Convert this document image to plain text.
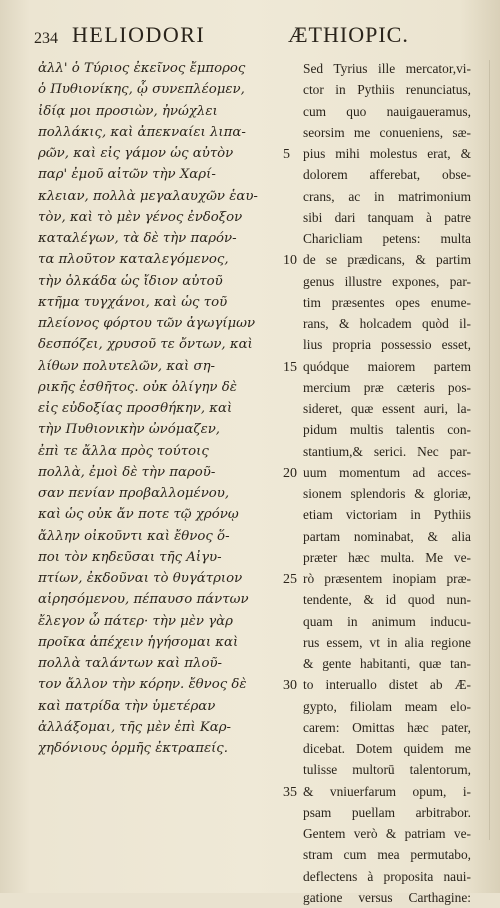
234 HELIODORI	ÆTHIOPIC.
ἀλλ' ὁ Τύριος ἐκεῖνος ἔμπορος
ὁ Πυθιονίκης, ᾧ συνεπλέομεν,
ἰδίᾳ μοι προσιὼν, ἠνώχλει
πολλάκις, καὶ ἀπεκναίει λιπα-
ρῶν, καὶ εἰς γάμον ὡς αὐτὸν
παρ' ἐμοῦ αἰτῶν τὴν Χαρί-
κλειαν, πολλὰ μεγαλαυχῶν ἑαυ-
τὸν, καὶ τὸ μὲν γένος ἐνδοξον
καταλέγων, τὰ δὲ τὴν παρόν-
τα πλοῦτον καταλεγόμενος,
τὴν ὁλκάδα ὡς ἴδιον αὐτοῦ
κτῆμα τυγχάνοι, καὶ ὡς τοῦ
πλείονος φόρτου τῶν ἀγωγίμων
δεσπόζει, χρυσοῦ τε ὄντων, καὶ
λίθων πολυτελῶν, καὶ ση-
ρικῆς ἐσθῆτος. οὐκ ὀλίγην δὲ
εἰς εὐδοξίας προσθήκην, καὶ
τὴν Πυθιονικὴν ὠνόμαζεν,
ἐπὶ τε ἄλλα πρὸς τούτοις
πολλὰ, ἐμοὶ δὲ τὴν παροῦ-
σαν πενίαν προβαλλομένου,
καὶ ὡς οὐκ ἄν ποτε τῷ χρόνῳ
ἄλλην οἰκοῦντι καὶ ἔθνος ὅ-
ποι τὸν κηδεῦσαι τῆς Αἰγυ-
πτίων, ἐκδοῦναι τὸ θυγάτριον
αἱρησόμενου, πέπαυσο πάντων
ἔλεγον ὦ πάτερ· τὴν μὲν γὰρ
προῖκα ἀπέχειν ἡγήσομαι καὶ
πολλὰ ταλάντων καὶ πλοῦ-
τον ἄλλον τὴν κόρην. ἔθνος δὲ
καὶ πατρίδα τὴν ὑμετέραν
ἀλλάξομαι, τῆς μὲν ἐπὶ Καρ-
χηδόνιους ὁρμῆς ἐκτραπείς.
Sed Tyrius ille mercator,vi-
ctor in Pythiis renunciatus,
cum quo nauigaueramus,
seorsim me conueniens, sæ-
pius mihi molestus erat, &
dolorem afferebat, obse-
crans, ac in matrimonium
sibi dari tanquam à patre
Charicliam petens: multa
de se prædicans, & partim
genus illustre expones, par-
tim præsentes opes enume-
rans, & holcadem quòd il-
lius propria possessio esset,
quódque maiorem partem
mercium præ cæteris pos-
sideret, quæ essent auri, la-
pidum multis talentis con-
stantium,& serici. Nec par-
uum momentum ad acces-
sionem splendoris & gloriæ,
etiam victoriam in Pythiis
partam nominabat, & alia
præter hæc multa. Me ve-
rò præsentem inopiam præ-
tendente, & id quod nun-
quam in animum inducu-
rus essem, vt in alia regione
& gente habitanti, quæ tan-
to interuallo distet ab Æ-
gypto, filiolam meam elo-
carem: Omittas hæc pater,
dicebat. Dotem quidem me
tulisse multorū talentorum,
& vniuerfarum opum, i-
psam puellam arbitrabor.
Gentem verò & patriam ve-
stram cum mea permutabo,
deflectens à proposita naui-
gatione versus Carthagine:
5
10
15
20
25
30
35
